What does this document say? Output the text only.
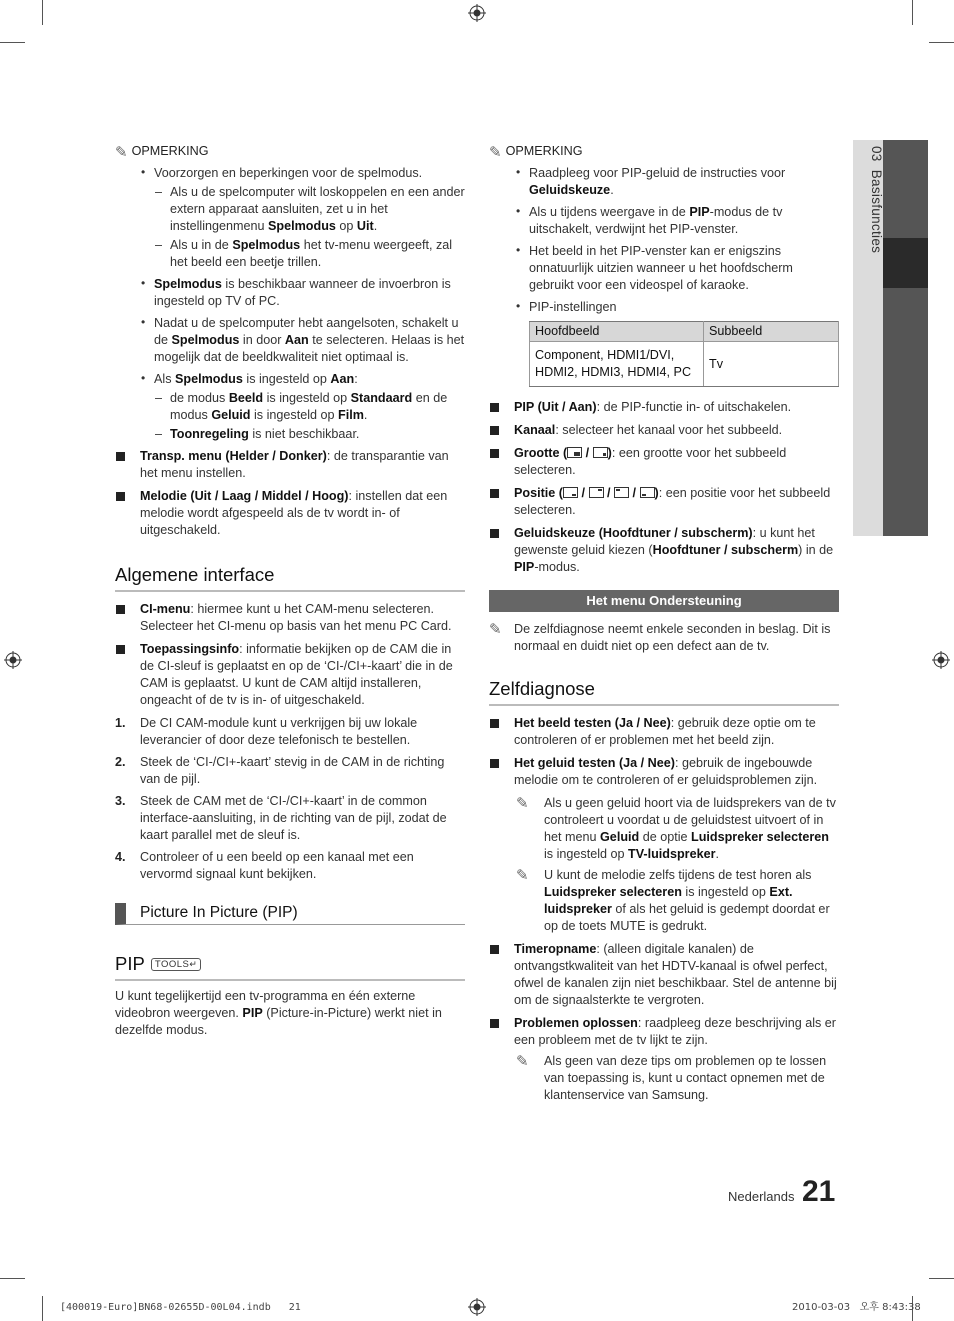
03  Basisfuncties
✎ OPMERKING
• Voorzorgen en beperkingen voor de spelmodus.
– Als u de spelcomputer wilt loskoppelen en een ander extern apparaat aansluiten, zet u in het instellingenmenu Spelmodus op Uit.
– Als u in de Spelmodus het tv-menu weergeeft, zal het beeld een beetje trillen.
• Spelmodus is beschikbaar wanneer de invoerbron is ingesteld op TV of PC.
• Nadat u de spelcomputer hebt aangelsoten, schakelt u de Spelmodus in door Aan te selecteren. Helaas is het mogelijk dat de beeldkwaliteit niet optimaal is.
• Als Spelmodus is ingesteld op Aan:
– de modus Beeld is ingesteld op Standaard en de modus Geluid is ingesteld op Film.
– Toonregeling is niet beschikbaar.
Transp. menu (Helder / Donker): de transparantie van het menu instellen.
Melodie (Uit / Laag / Middel / Hoog): instellen dat een melodie wordt afgespeeld als de tv wordt in- of uitgeschakeld.
Algemene interface
CI-menu: hiermee kunt u het CAM-menu selecteren. Selecteer het CI-menu op basis van het menu PC Card.
Toepassingsinfo: informatie bekijken op de CAM die in de CI-sleuf is geplaatst en op de ‘CI-/CI+-kaart’ die in de CAM is geplaatst. U kunt de CAM altijd installeren, ongeacht of de tv is in- of uitgeschakeld.
1. De CI CAM-module kunt u verkrijgen bij uw lokale leverancier of door deze telefonisch te bestellen.
2. Steek de ‘CI-/CI+-kaart’ stevig in de CAM in de richting van de pijl.
3. Steek de CAM met de ‘CI-/CI+-kaart’ in de common interface-aansluiting, in de richting van de pijl, zodat de kaart parallel met de sleuf is.
4. Controleer of u een beeld op een kanaal met een vervormd signaal kunt bekijken.
Picture In Picture (PIP)
PIP TOOLS↵
U kunt tegelijkertijd een tv-programma en één externe videobron weergeven. PIP (Picture-in-Picture) werkt niet in dezelfde modus.
✎ OPMERKING
• Raadpleeg voor PIP-geluid de instructies voor Geluidskeuze.
• Als u tijdens weergave in de PIP-modus de tv uitschakelt, verdwijnt het PIP-venster.
• Het beeld in het PIP-venster kan er enigszins onnatuurlijk uitzien wanneer u het hoofdscherm gebruikt voor een videospel of karaoke.
• PIP-instellingen
Hoofdbeeld	Subbeeld
Component, HDMI1/DVI, HDMI2, HDMI3, HDMI4, PC	Tv
PIP (Uit / Aan): de PIP-functie in- of uitschakelen.
Kanaal: selecteer het kanaal voor het subbeeld.
Grootte (
/
): een grootte voor het subbeeld selecteren.
Positie (
/
/
/
): een positie voor het subbeeld selecteren.
Geluidskeuze (Hoofdtuner / subscherm): u kunt het gewenste geluid kiezen (Hoofdtuner / subscherm) in de PIP-modus.
Het menu Ondersteuning
✎ De zelfdiagnose neemt enkele seconden in beslag. Dit is normaal en duidt niet op een defect aan de tv.
Zelfdiagnose
Het beeld testen (Ja / Nee): gebruik deze optie om te controleren of er problemen met het beeld zijn.
Het geluid testen (Ja / Nee): gebruik de ingebouwde melodie om te controleren of er geluidsproblemen zijn.
✎ Als u geen geluid hoort via de luidsprekers van de tv controleert u voordat u de geluidstest uitvoert of in het menu Geluid de optie Luidspreker selecteren is ingesteld op TV-luidspreker.
✎ U kunt de melodie zelfs tijdens de test horen als Luidspreker selecteren is ingesteld op Ext. luidspreker of als het geluid is gedempt doordat er op de toets MUTE is gedrukt.
Timeropname: (alleen digitale kanalen) de ontvangstkwaliteit van het HDTV-kanaal is ofwel perfect, ofwel de kanalen zijn niet beschikbaar. Stel de antenne bij om de signaalsterkte te vergroten.
Problemen oplossen: raadpleeg deze beschrijving als er een probleem met de tv lijkt te zijn.
✎ Als geen van deze tips om problemen op te lossen van toepassing is, kunt u contact opnemen met de klantenservice van Samsung.
Nederlands 21
[400019-Euro]BN68-02655D-00L04.indb   21	2010-03-03   오후 8:43:38
